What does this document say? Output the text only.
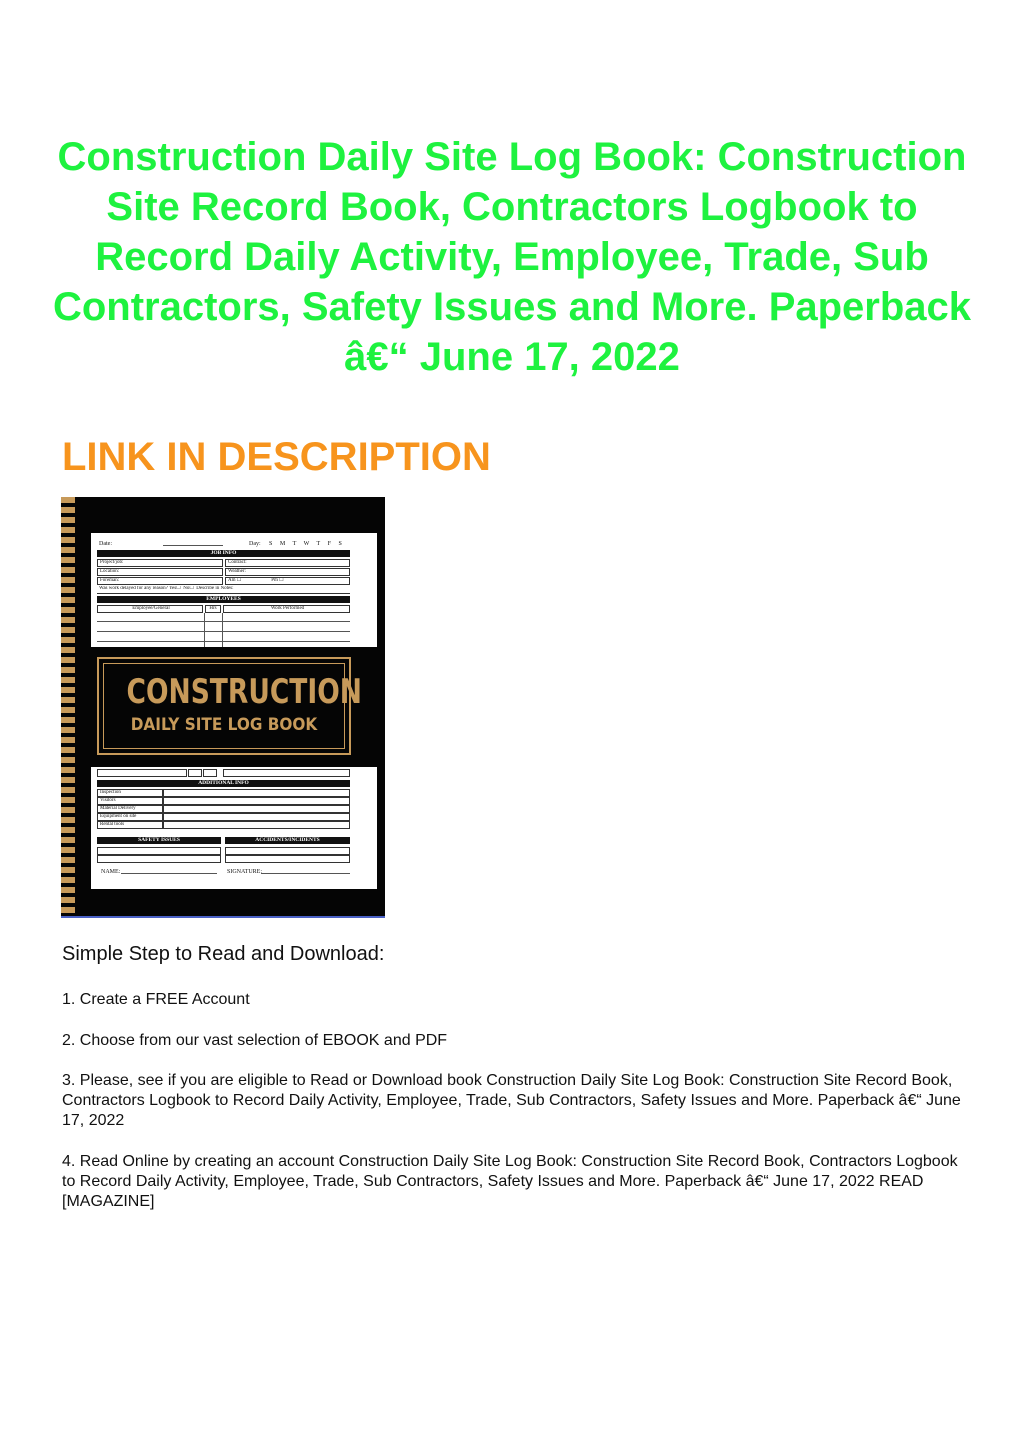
Construction Daily Site Log Book: Construction Site Record Book, Contractors Logbook to Record Daily Activity, Employee, Trade, Sub Contractors, Safety Issues and More. Paperback â€“ June 17, 2022
LINK IN DESCRIPTION
Date:	Day: S M T W T F S
JOB INFO
Project/job:	Contract:
Location:	Weather:
Foreman:	Am ☐	Pm ☐
Was work delayed for any reason? Yes☐ No☐ Describe in Notes:
EMPLOYEES
Employee/General	Hrs	Work Performed
CONSTRUCTION
DAILY SITE LOG BOOK
ADDITIONAL INFO
Inspection
Visitors
Material Delivery
Equipment on site
Rental tools
SAFETY ISSUES	ACCIDENTS/INCIDENTS
NAME:	SIGNATURE:
Simple Step to Read and Download:

1. Create a FREE Account

2. Choose from our vast selection of EBOOK and PDF

3. Please, see if you are eligible to Read or Download book Construction Daily Site Log Book: Construction Site Record Book, Contractors Logbook to Record Daily Activity, Employee, Trade, Sub Contractors, Safety Issues and More. Paperback â€“ June 17, 2022

4. Read Online by creating an account Construction Daily Site Log Book: Construction Site Record Book, Contractors Logbook to Record Daily Activity, Employee, Trade, Sub Contractors, Safety Issues and More. Paperback â€“ June 17, 2022 READ [MAGAZINE]
